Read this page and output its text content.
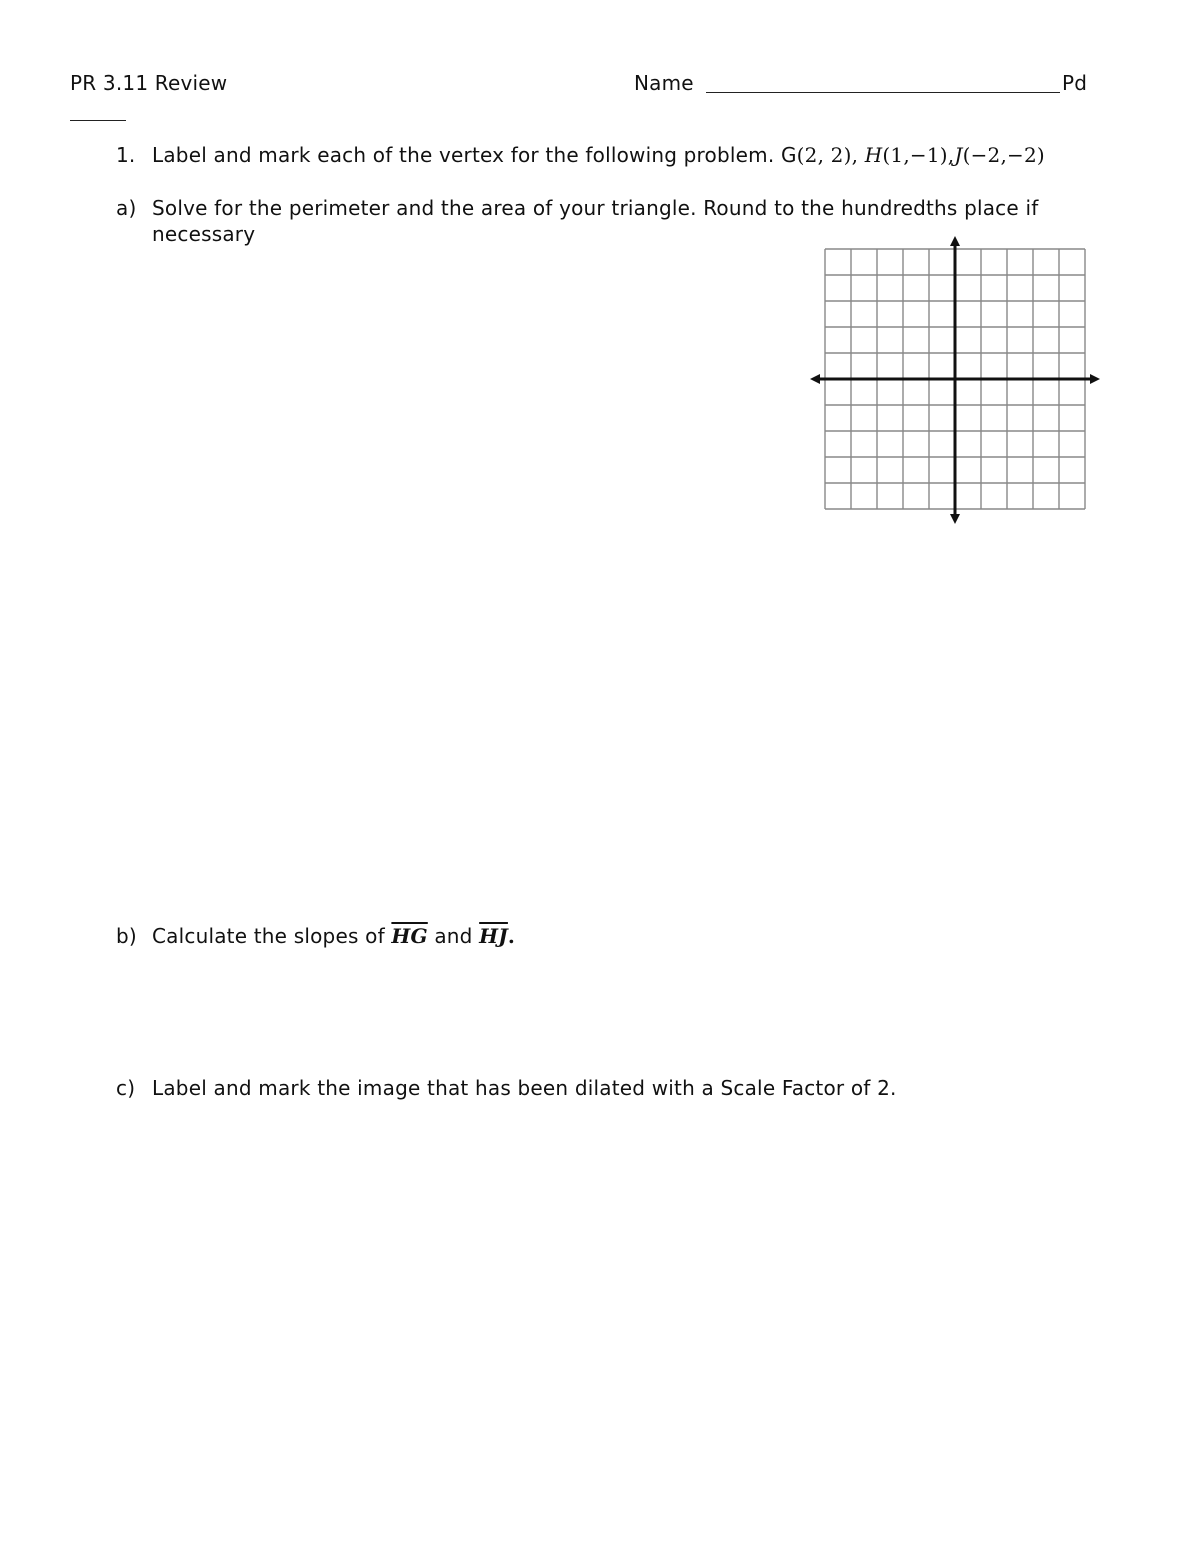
PR 3.11 Review	Name	Pd
1. Label and mark each of the vertex for the following problem. G(2, 2), H(1,−1),J(−2,−2)
a) Solve for the perimeter and the area of your triangle. Round to the hundredths place if necessary
b) Calculate the slopes of $\overline{HG}$ and $\overline{HJ}$.
c) Label and mark the image that has been dilated with a Scale Factor of 2.
